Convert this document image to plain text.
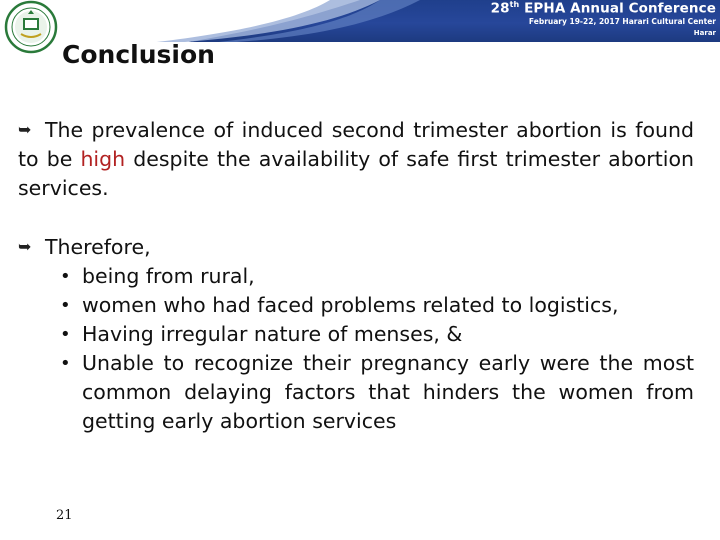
28th EPHA Annual Conference
February 19-22, 2017 Harari Cultural Center
Harar
Conclusion
➥ The prevalence of induced second trimester abortion is found to be high despite the availability of safe first trimester abortion services.
➥ Therefore,
• being from rural,
• women who had faced problems related to logistics,
• Having irregular nature of menses, &
• Unable to recognize their pregnancy early were the most common delaying factors that hinders the women from getting early abortion services
21
